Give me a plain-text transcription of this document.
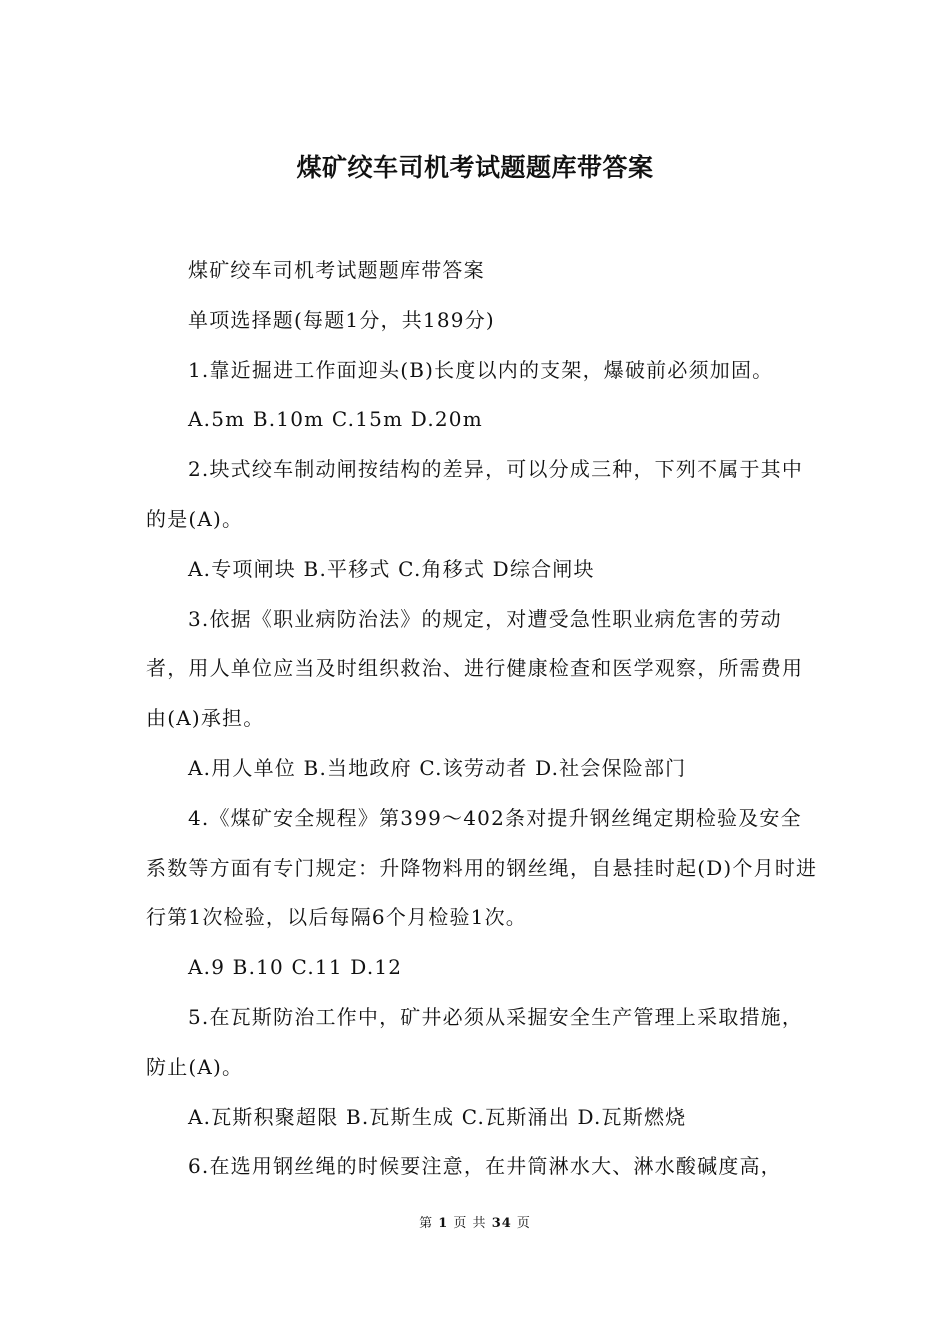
煤矿绞车司机考试题题库带答案

煤矿绞车司机考试题题库带答案

单项选择题(每题1分，共189分)

1.靠近掘进工作面迎头(B)长度以内的支架，爆破前必须加固。

A.5m B.10m C.15m D.20m

2.块式绞车制动闸按结构的差异，可以分成三种，下列不属于其中的是(A)。

A.专项闸块 B.平移式 C.角移式 D综合闸块

3.依据《职业病防治法》的规定，对遭受急性职业病危害的劳动者，用人单位应当及时组织救治、进行健康检查和医学观察，所需费用由(A)承担。

A.用人单位 B.当地政府 C.该劳动者 D.社会保险部门

4.《煤矿安全规程》第399～402条对提升钢丝绳定期检验及安全系数等方面有专门规定：升降物料用的钢丝绳，自悬挂时起(D)个月时进行第1次检验，以后每隔6个月检验1次。

A.9 B.10 C.11 D.12

5.在瓦斯防治工作中，矿井必须从采掘安全生产管理上采取措施，防止(A)。

A.瓦斯积聚超限 B.瓦斯生成 C.瓦斯涌出 D.瓦斯燃烧

6.在选用钢丝绳的时候要注意，在井筒淋水大、淋水酸碱度高，

第 1 页 共 34 页
